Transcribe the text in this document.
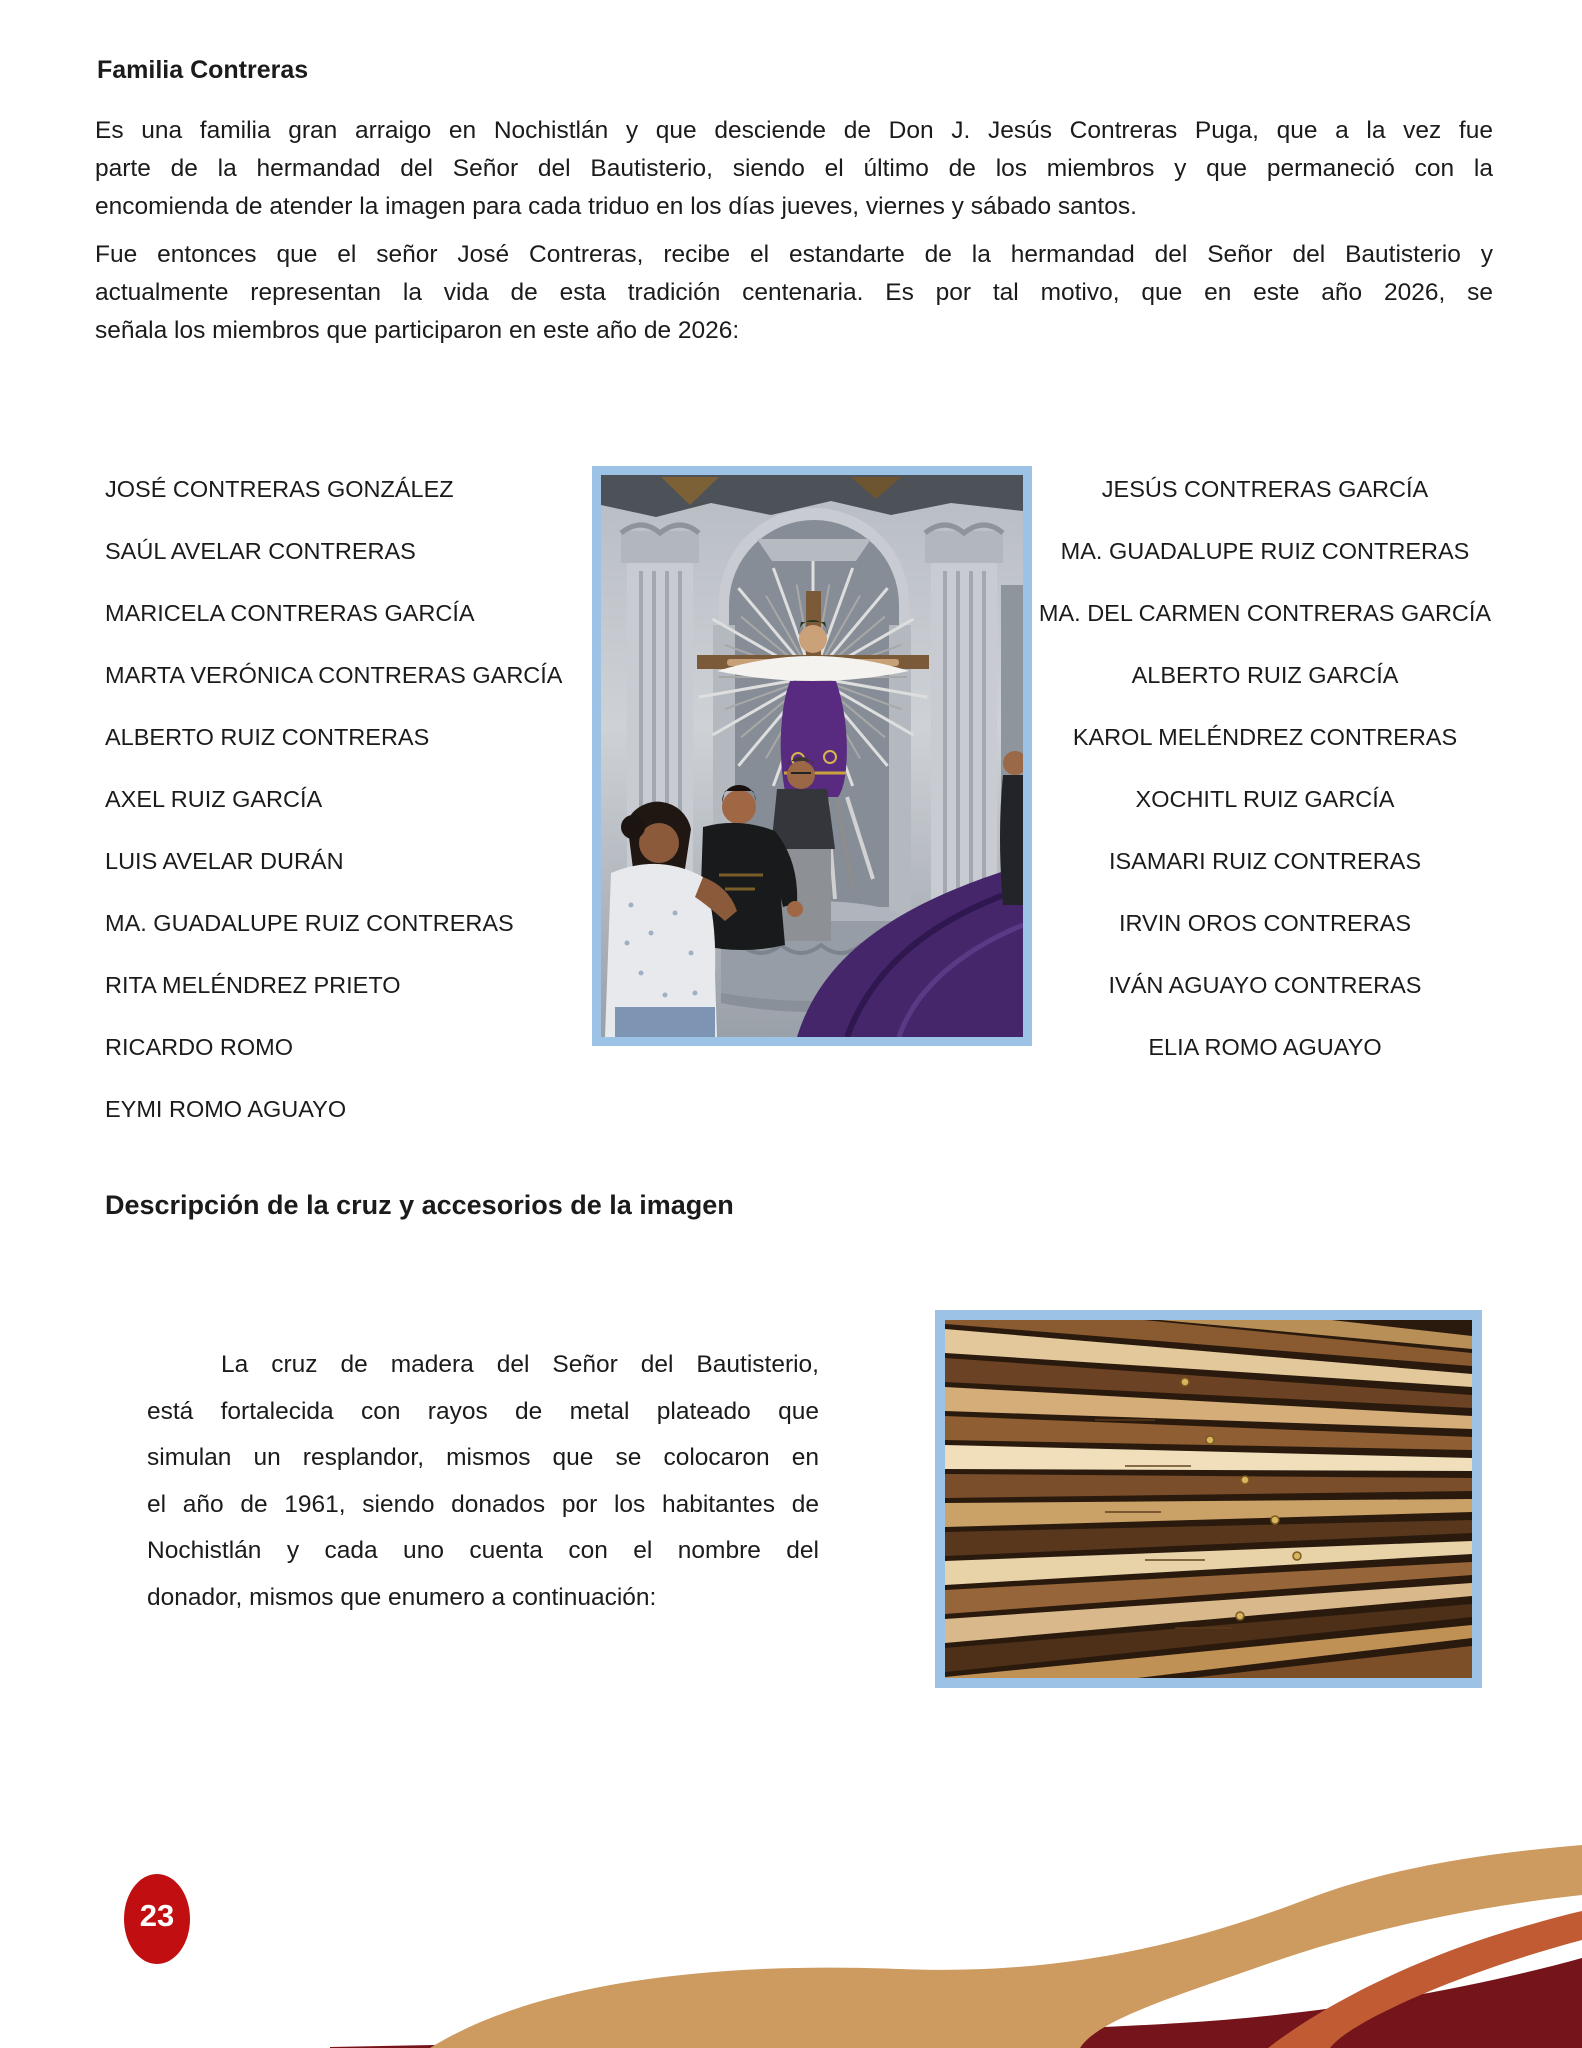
Familia Contreras
Es una familia gran arraigo en Nochistlán y que desciende de Don J. Jesús Contreras Puga, que a la vez fue
parte de la hermandad del Señor del Bautisterio, siendo el último de los miembros y que permaneció con la
encomienda de atender la imagen para cada triduo en los días jueves, viernes y sábado santos.
Fue entonces que el señor José Contreras, recibe el estandarte de la hermandad del Señor del Bautisterio y
actualmente representan la vida de esta tradición centenaria. Es por tal motivo, que en este año 2026, se
señala los miembros que participaron en este año de 2026:
JOSÉ CONTRERAS GONZÁLEZ
SAÚL AVELAR CONTRERAS
MARICELA CONTRERAS GARCÍA
MARTA VERÓNICA CONTRERAS GARCÍA
ALBERTO RUIZ CONTRERAS
AXEL RUIZ GARCÍA
LUIS AVELAR DURÁN
MA. GUADALUPE RUIZ CONTRERAS
RITA MELÉNDREZ PRIETO
RICARDO ROMO
EYMI ROMO AGUAYO
JESÚS CONTRERAS GARCÍA
MA. GUADALUPE RUIZ CONTRERAS
MA. DEL CARMEN CONTRERAS GARCÍA
ALBERTO RUIZ GARCÍA
KAROL MELÉNDREZ CONTRERAS
XOCHITL RUIZ GARCÍA
ISAMARI RUIZ CONTRERAS
IRVIN OROS CONTRERAS
IVÁN AGUAYO CONTRERAS
ELIA ROMO AGUAYO
Descripción de la cruz y accesorios de la imagen
La cruz de madera del Señor del Bautisterio,
está fortalecida con rayos de metal plateado que
simulan un resplandor, mismos que se colocaron en
el año de 1961, siendo donados por los habitantes de
Nochistlán y cada uno cuenta con el nombre del
donador, mismos que enumero a continuación:
23
